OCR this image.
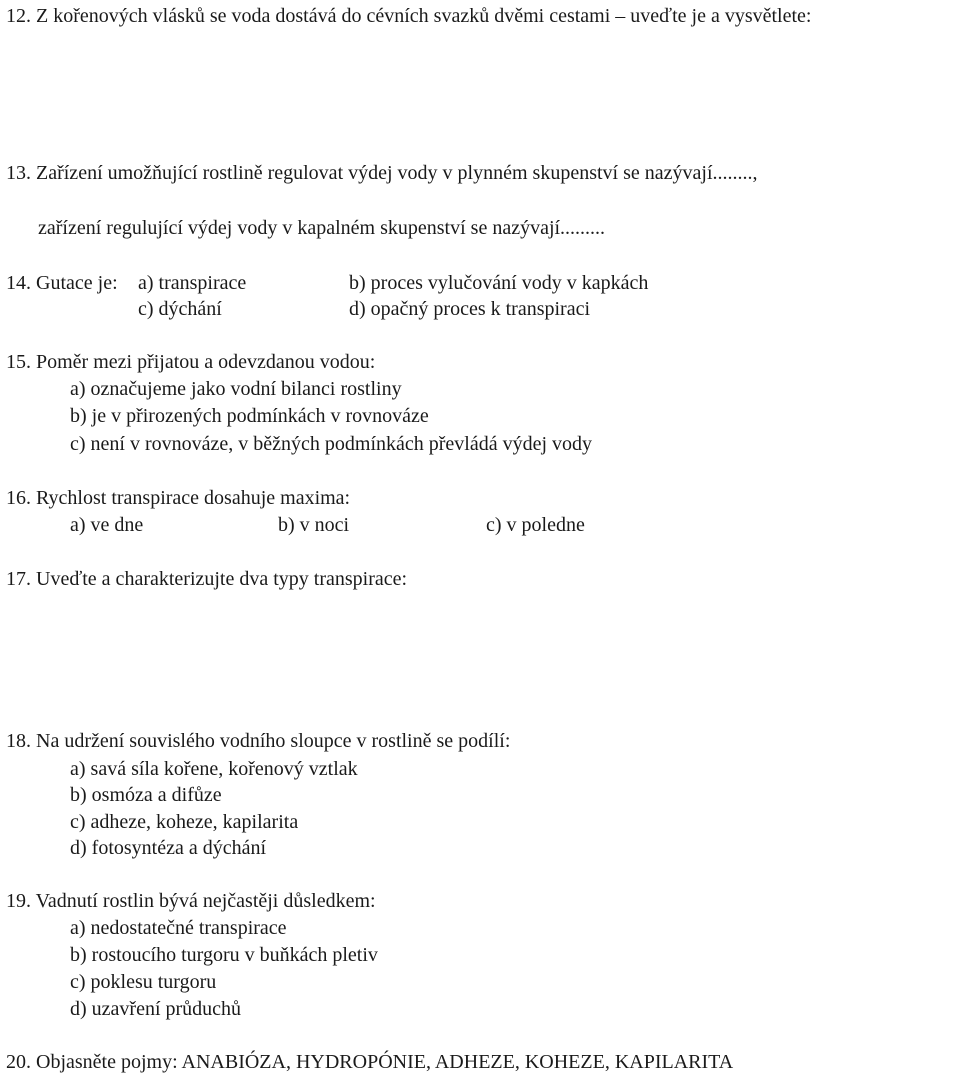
12. Z kořenových vlásků se voda dostává do cévních svazků dvěmi cestami – uveďte je a vysvětlete:
13. Zařízení umožňující rostlině regulovat výdej vody v plynném skupenství se nazývají........,
zařízení regulující výdej vody v kapalném skupenství se nazývají.........
14. Gutace je: a) transpirace	b) proces vylučování vody v kapkách
c) dýchání	d) opačný proces k transpiraci
15. Poměr mezi přijatou a odevzdanou vodou:
a) označujeme jako vodní bilanci rostliny
b) je v přirozených podmínkách v rovnováze
c) není v rovnováze, v běžných podmínkách převládá výdej vody
16. Rychlost transpirace dosahuje maxima:
a) ve dne	b) v noci	c) v poledne
17. Uveďte a charakterizujte dva typy transpirace:
18. Na udržení souvislého vodního sloupce v rostlině se podílí:
a) savá síla kořene, kořenový vztlak
b) osmóza a difůze
c) adheze, koheze, kapilarita
d) fotosyntéza a dýchání
19. Vadnutí rostlin bývá nejčastěji důsledkem:
a) nedostatečné transpirace
b) rostoucího turgoru v buňkách pletiv
c) poklesu turgoru
d) uzavření průduchů
20. Objasněte pojmy: ANABIÓZA, HYDROPÓNIE, ADHEZE, KOHEZE, KAPILARITA
